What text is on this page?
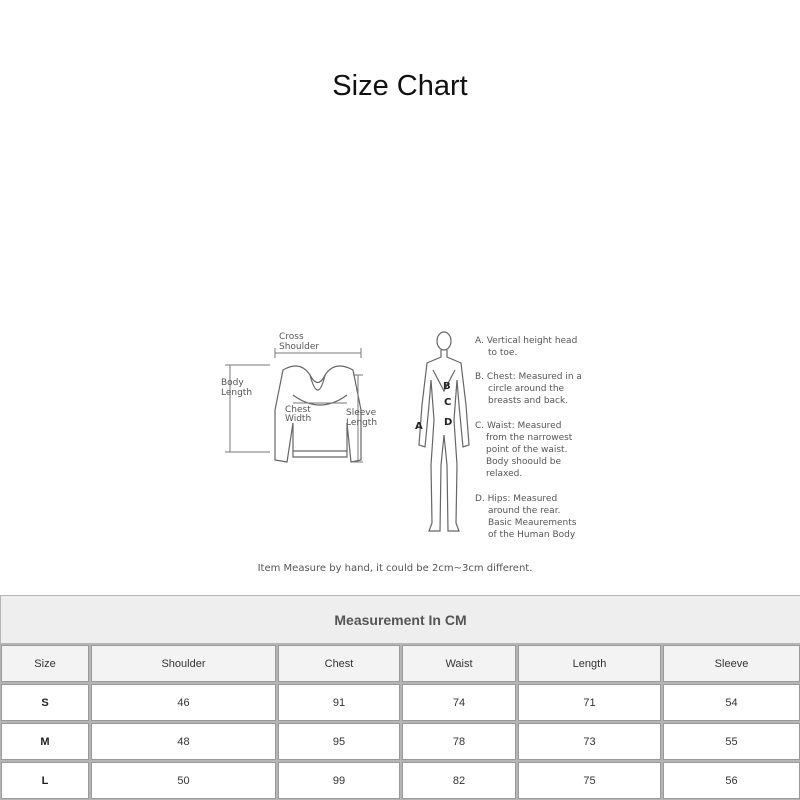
Size Chart
Cross
Shoulder
Body
Length
Chest
Width
Sleeve
Length	A
B
C
D
A. Vertical height head
to toe.
B. Chest: Measured in a
circle around the
breasts and back.
C. Waist: Measured
from the narrowest
point of the waist.
Body shoould be
relaxed.
D. Hips: Measured
around the rear.
Basic Meaurements
of the Human Body
Item Measure by hand, it could be 2cm~3cm different.
Measurement In CM
Size	Shoulder	Chest	Waist	Length	Sleeve
S	46	91	74	71	54
M	48	95	78	73	55
L	50	99	82	75	56
